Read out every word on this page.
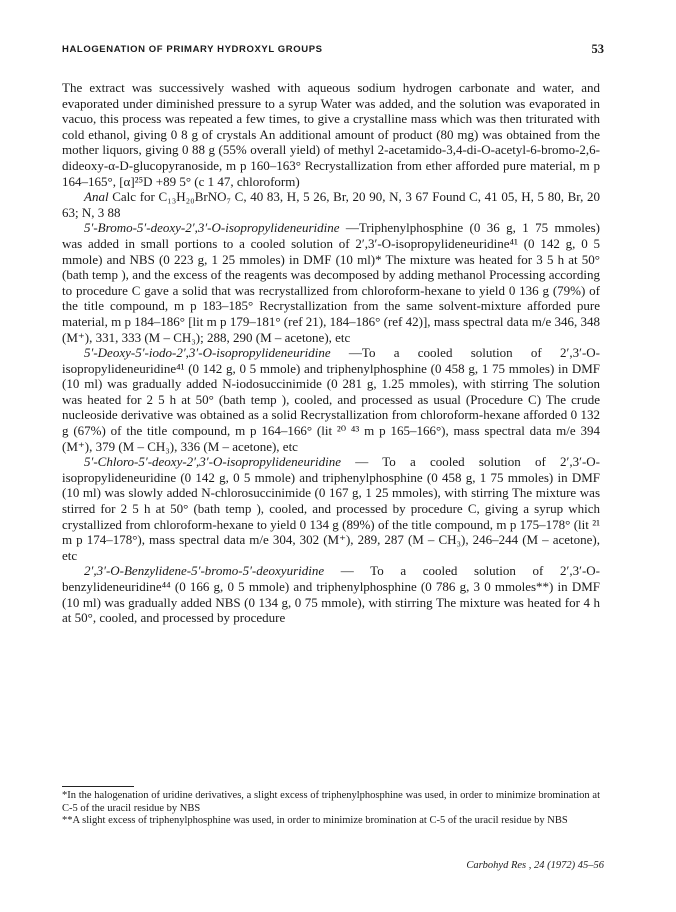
HALOGENATION OF PRIMARY HYDROXYL GROUPS	53

The extract was successively washed with aqueous sodium hydrogen carbonate and water, and evaporated under diminished pressure to a syrup Water was added, and the solution was evaporated in vacuo, this process was repeated a few times, to give a crystalline mass which was then triturated with cold ethanol, giving 0 8 g of crystals An additional amount of product (80 mg) was obtained from the mother liquors, giving 0 88 g (55% overall yield) of methyl 2-acetamido-3,4-di-O-acetyl-6-bromo-2,6-dideoxy-α-D-glucopyranoside, m p 160–163° Recrystallization from ether afforded pure material, m p 164–165°, [α]²⁵D +89 5° (c 1 47, chloroform)

Anal Calc for C₁₃H₂₀BrNO₇ C, 40 83, H, 5 26, Br, 20 90, N, 3 67 Found C, 41 05, H, 5 80, Br, 20 63; N, 3 88

5′-Bromo-5′-deoxy-2′,3′-O-isopropylideneuridine —Triphenylphosphine (0 36 g, 1 75 mmoles) was added in small portions to a cooled solution of 2′,3′-O-isopropylideneuridine⁴¹ (0 142 g, 0 5 mmole) and NBS (0 223 g, 1 25 mmoles) in DMF (10 ml)* The mixture was heated for 3 5 h at 50° (bath temp ), and the excess of the reagents was decomposed by adding methanol Processing according to procedure C gave a solid that was recrystallized from chloroform-hexane to yield 0 136 g (79%) of the title compound, m p 183–185° Recrystallization from the same solvent-mixture afforded pure material, m p 184–186° [lit m p 179–181° (ref 21), 184–186° (ref 42)], mass spectral data m/e 346, 348 (M⁺), 331, 333 (M – CH₃); 288, 290 (M – acetone), etc

5′-Deoxy-5′-iodo-2′,3′-O-isopropylideneuridine —To a cooled solution of 2′,3′-O-isopropylideneuridine⁴¹ (0 142 g, 0 5 mmole) and triphenylphosphine (0 458 g, 1 75 mmoles) in DMF (10 ml) was gradually added N-iodosuccinimide (0 281 g, 1.25 mmoles), with stirring The solution was heated for 2 5 h at 50° (bath temp ), cooled, and processed as usual (Procedure C) The crude nucleoside derivative was obtained as a solid Recrystallization from chloroform-hexane afforded 0 132 g (67%) of the title compound, m p 164–166° (lit ²⁰ ⁴³ m p 165–166°), mass spectral data m/e 394 (M⁺), 379 (M – CH₃), 336 (M – acetone), etc

5′-Chloro-5′-deoxy-2′,3′-O-isopropylideneuridine — To a cooled solution of 2′,3′-O-isopropylideneuridine (0 142 g, 0 5 mmole) and triphenylphosphine (0 458 g, 1 75 mmoles) in DMF (10 ml) was slowly added N-chlorosuccinimide (0 167 g, 1 25 mmoles), with stirring The mixture was stirred for 2 5 h at 50° (bath temp ), cooled, and processed by procedure C, giving a syrup which crystallized from chloroform-hexane to yield 0 134 g (89%) of the title compound, m p 175–178° (lit ²¹ m p 174–178°), mass spectral data m/e 304, 302 (M⁺), 289, 287 (M – CH₃), 246–244 (M – acetone), etc

2′,3′-O-Benzylidene-5′-bromo-5′-deoxyuridine — To a cooled solution of 2′,3′-O-benzylideneuridine⁴⁴ (0 166 g, 0 5 mmole) and triphenylphosphine (0 786 g, 3 0 mmoles**) in DMF (10 ml) was gradually added NBS (0 134 g, 0 75 mmole), with stirring The mixture was heated for 4 h at 50°, cooled, and processed by procedure

*In the halogenation of uridine derivatives, a slight excess of triphenylphosphine was used, in order to minimize bromination at C-5 of the uracil residue by NBS

**A slight excess of triphenylphosphine was used, in order to minimize bromination at C-5 of the uracil residue by NBS

Carbohyd Res , 24 (1972) 45–56
